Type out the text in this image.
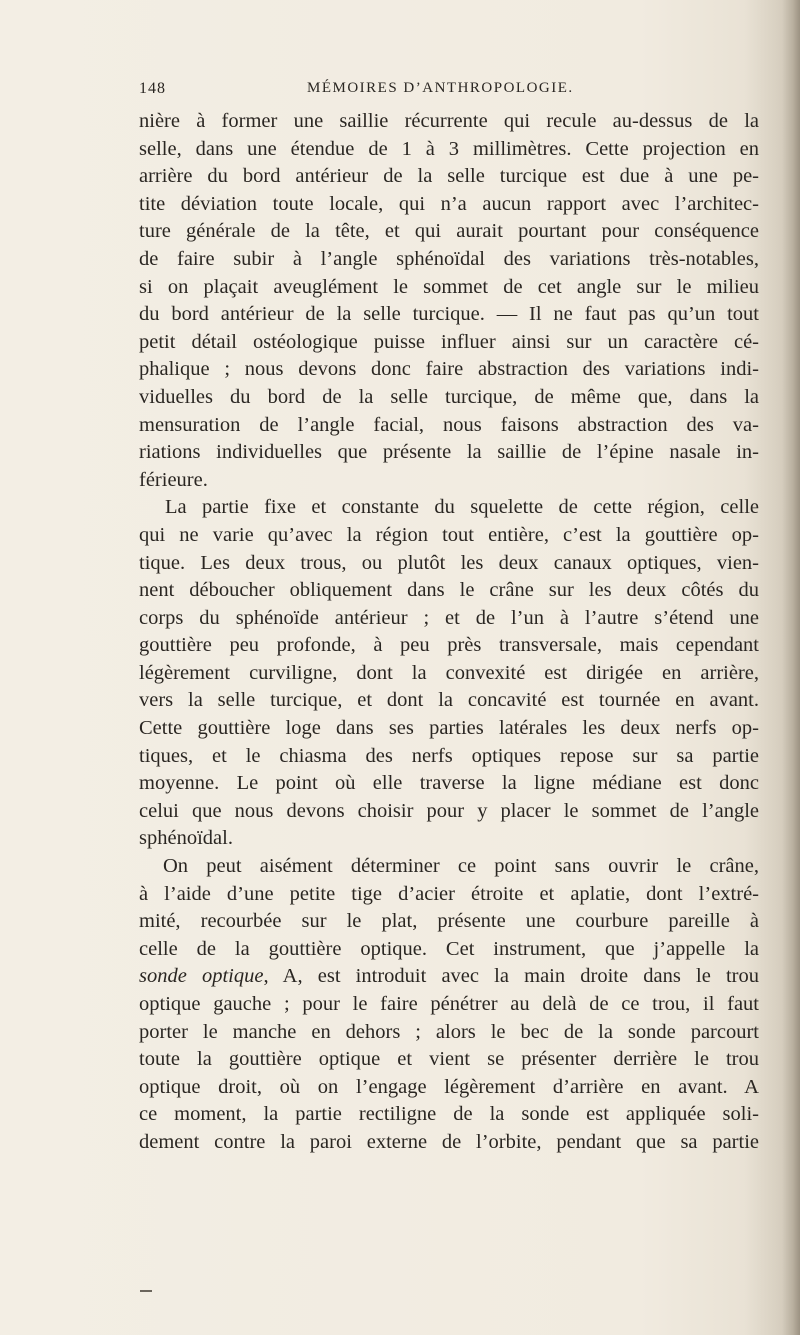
148	MÉMOIRES D’ANTHROPOLOGIE.
nière à former une saillie récurrente qui recule au-dessus de la
selle, dans une étendue de 1 à 3 millimètres. Cette projection en
arrière du bord antérieur de la selle turcique est due à une pe-
tite déviation toute locale, qui n’a aucun rapport avec l’architec-
ture générale de la tête, et qui aurait pourtant pour conséquence
de faire subir à l’angle sphénoïdal des variations très-notables,
si on plaçait aveuglément le sommet de cet angle sur le milieu
du bord antérieur de la selle turcique. — Il ne faut pas qu’un tout
petit détail ostéologique puisse influer ainsi sur un caractère cé-
phalique ; nous devons donc faire abstraction des variations indi-
viduelles du bord de la selle turcique, de même que, dans la
mensuration de l’angle facial, nous faisons abstraction des va-
riations individuelles que présente la saillie de l’épine nasale in-
férieure.
La partie fixe et constante du squelette de cette région, celle
qui ne varie qu’avec la région tout entière, c’est la gouttière op-
tique. Les deux trous, ou plutôt les deux canaux optiques, vien-
nent déboucher obliquement dans le crâne sur les deux côtés du
corps du sphénoïde antérieur ; et de l’un à l’autre s’étend une
gouttière peu profonde, à peu près transversale, mais cependant
légèrement curviligne, dont la convexité est dirigée en arrière,
vers la selle turcique, et dont la concavité est tournée en avant.
Cette gouttière loge dans ses parties latérales les deux nerfs op-
tiques, et le chiasma des nerfs optiques repose sur sa partie
moyenne. Le point où elle traverse la ligne médiane est donc
celui que nous devons choisir pour y placer le sommet de l’angle
sphénoïdal.
On peut aisément déterminer ce point sans ouvrir le crâne,
à l’aide d’une petite tige d’acier étroite et aplatie, dont l’extré-
mité, recourbée sur le plat, présente une courbure pareille à
celle de la gouttière optique. Cet instrument, que j’appelle la
sonde optique, A, est introduit avec la main droite dans le trou
optique gauche ; pour le faire pénétrer au delà de ce trou, il faut
porter le manche en dehors ; alors le bec de la sonde parcourt
toute la gouttière optique et vient se présenter derrière le trou
optique droit, où on l’engage légèrement d’arrière en avant. A
ce moment, la partie rectiligne de la sonde est appliquée soli-
dement contre la paroi externe de l’orbite, pendant que sa partie
